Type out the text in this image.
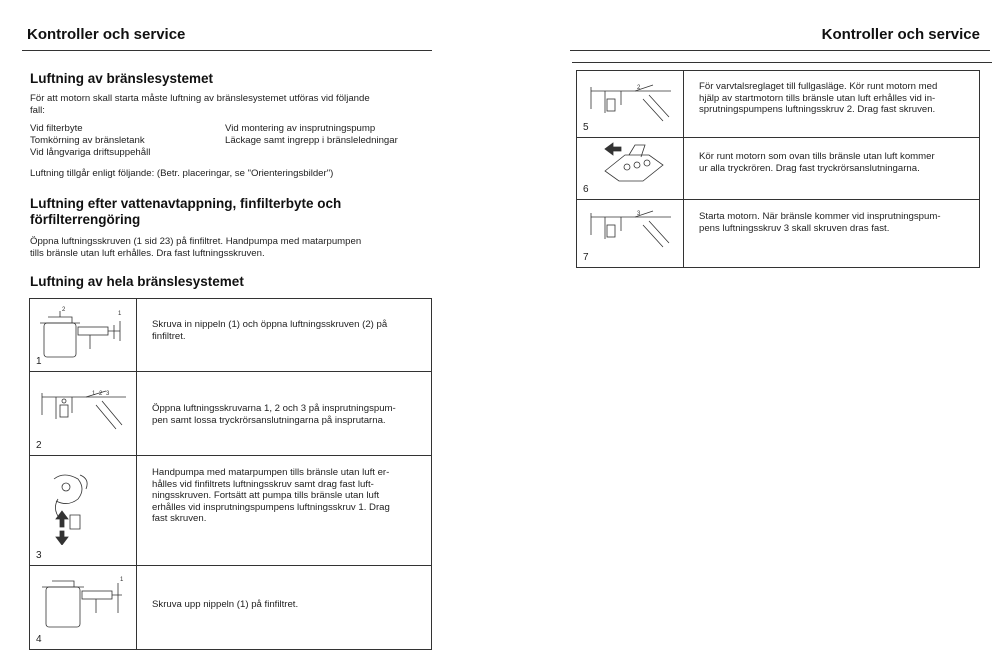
Kontroller och service
Luftning av bränslesystemet
För att motorn skall starta måste luftning av bränslesystemet utföras vid följande
fall:
Vid filterbyte
Tomkörning av bränsletank
Vid långvariga driftsuppehåll
Vid montering av insprutningspump
Läckage samt ingrepp i bränsleledningar
Luftning tillgår enligt följande: (Betr. placeringar, se "Orienteringsbilder")
Luftning efter vattenavtappning, finfilterbyte och
förfilterrengöring
Öppna luftningsskruven (1 sid 23) på finfiltret. Handpumpa med matarpumpen
tills bränsle utan luft erhålles. Dra fast luftningsskruven.
Luftning av hela bränslesystemet
2
1
1
Skruva in nippeln (1) och öppna luftningsskruven (2) på
finfiltret.
1 2 3
2
Öppna luftningsskruvarna 1, 2 och 3 på insprutningspum-
pen samt lossa tryckrörsanslutningarna på insprutarna.
3
Handpumpa med matarpumpen tills bränsle utan luft er-
hålles vid finfiltrets luftningsskruv samt drag fast luft-
ningsskruven. Fortsätt att pumpa tills bränsle utan luft
erhålles vid insprutningspumpens luftningsskruv 1. Drag
fast skruven.
1
4
Skruva upp nippeln (1) på finfiltret.
Kontroller och service
2
5
För varvtalsreglaget till fullgasläge. Kör runt motorn med
hjälp av startmotorn tills bränsle utan luft erhålles vid in-
sprutningspumpens luftningsskruv 2. Drag fast skruven.
6
Kör runt motorn som ovan tills bränsle utan luft kommer
ur alla tryckrören. Drag fast tryckrörsanslutningarna.
3
7
Starta motorn. När bränsle kommer vid insprutningspum-
pens luftningsskruv 3 skall skruven dras fast.
